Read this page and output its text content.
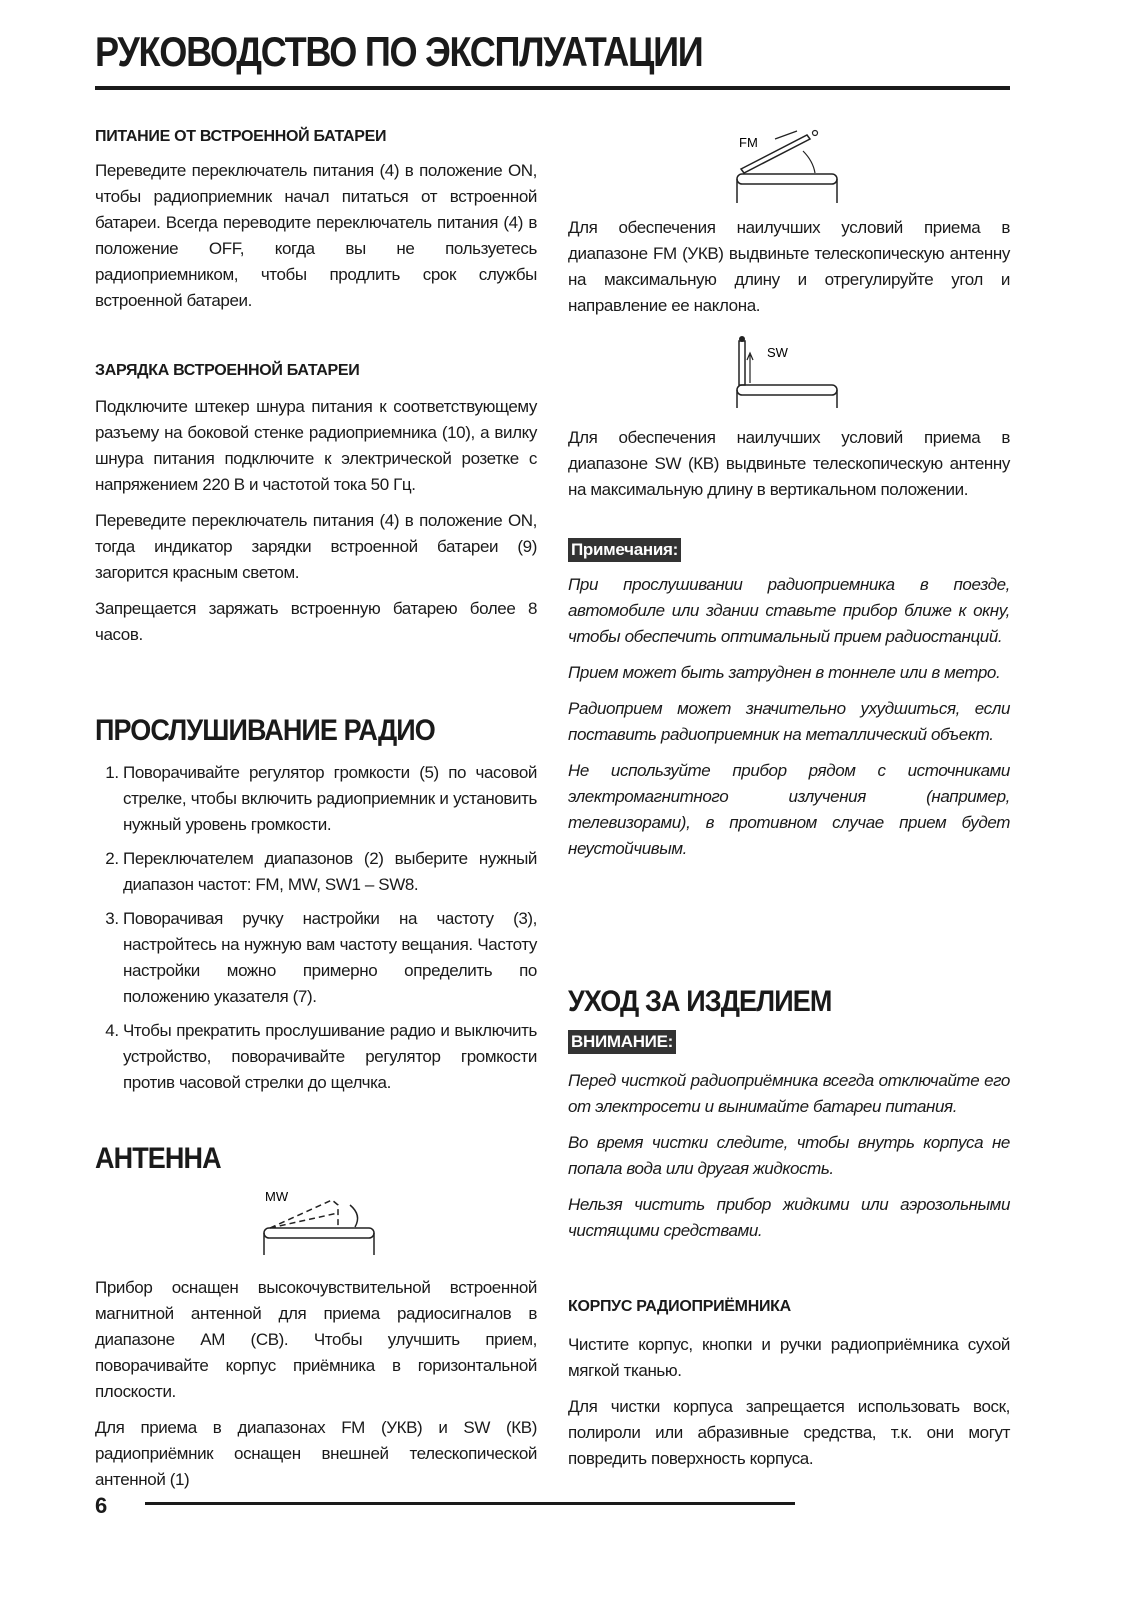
РУКОВОДСТВО ПО ЭКСПЛУАТАЦИИ
ПИТАНИЕ ОТ ВСТРОЕННОЙ БАТАРЕИ

Переведите переключатель питания (4) в положение ON, чтобы радиоприемник начал питаться от встроенной батареи. Всегда переводите переключатель питания (4) в положение OFF, когда вы не пользуетесь радиоприемником, чтобы продлить срок службы встроенной батареи.

ЗАРЯДКА ВСТРОЕННОЙ БАТАРЕИ

Подключите штекер шнура питания к соответствующему разъему на боковой стенке радиоприемника (10), а вилку шнура питания подключите к электрической розетке с напряжением 220 В и частотой тока 50 Гц.

Переведите переключатель питания (4) в положение ON, тогда индикатор зарядки встроенной батареи (9) загорится красным светом.

Запрещается заряжать встроенную батарею более 8 часов.

ПРОСЛУШИВАНИЕ РАДИО
1. Поворачивайте регулятор громкости (5) по часовой стрелке, чтобы включить радиоприемник и установить нужный уровень громкости.
2. Переключателем диапазонов (2) выберите нужный диапазон частот: FM, MW, SW1 – SW8.
3. Поворачивая ручку настройки на частоту (3), настройтесь на нужную вам частоту вещания. Частоту настройки можно примерно определить по положению указателя (7).
4. Чтобы прекратить прослушивание радио и выключить устройство, поворачивайте регулятор громкости против часовой стрелки до щелчка.
АНТЕННА
MW

Прибор оснащен высокочувствительной встроенной магнитной антенной для приема радиосигналов в диапазоне АМ (СВ). Чтобы улучшить прием, поворачивайте корпус приёмника в горизонтальной плоскости.

Для приема в диапазонах FM (УКВ) и SW (КВ) радиоприёмник оснащен внешней телескопической антенной (1)

6
FM

Для обеспечения наилучших условий приема в диапазоне FM (УКВ) выдвиньте телескопическую антенну на максимальную длину и отрегулируйте угол и направление ее наклона.

SW

Для обеспечения наилучших условий приема в диапазоне SW (КВ) выдвиньте телескопическую антенну на максимальную длину в вертикальном положении.

Примечания:

При прослушивании радиоприемника в поезде, автомобиле или здании ставьте прибор ближе к окну, чтобы обеспечить оптимальный прием радиостанций.

Прием может быть затруднен в тоннеле или в метро.

Радиоприем может значительно ухудшиться, если поставить радиоприемник на металлический объект.

Не используйте прибор рядом с источниками электромагнитного излучения (например, телевизорами), в противном случае прием будет неустойчивым.

УХОД ЗА ИЗДЕЛИЕМ
ВНИМАНИЕ:

Перед чисткой радиоприёмника всегда отключайте его от электросети и вынимайте батареи питания.

Во время чистки следите, чтобы внутрь корпуса не попала вода или другая жидкость.

Нельзя чистить прибор жидкими или аэрозольными чистящими средствами.

КОРПУС РАДИОПРИЁМНИКА

Чистите корпус, кнопки и ручки радиоприёмника сухой мягкой тканью.

Для чистки корпуса запрещается использовать воск, полироли или абразивные средства, т.к. они могут повредить поверхность корпуса.
